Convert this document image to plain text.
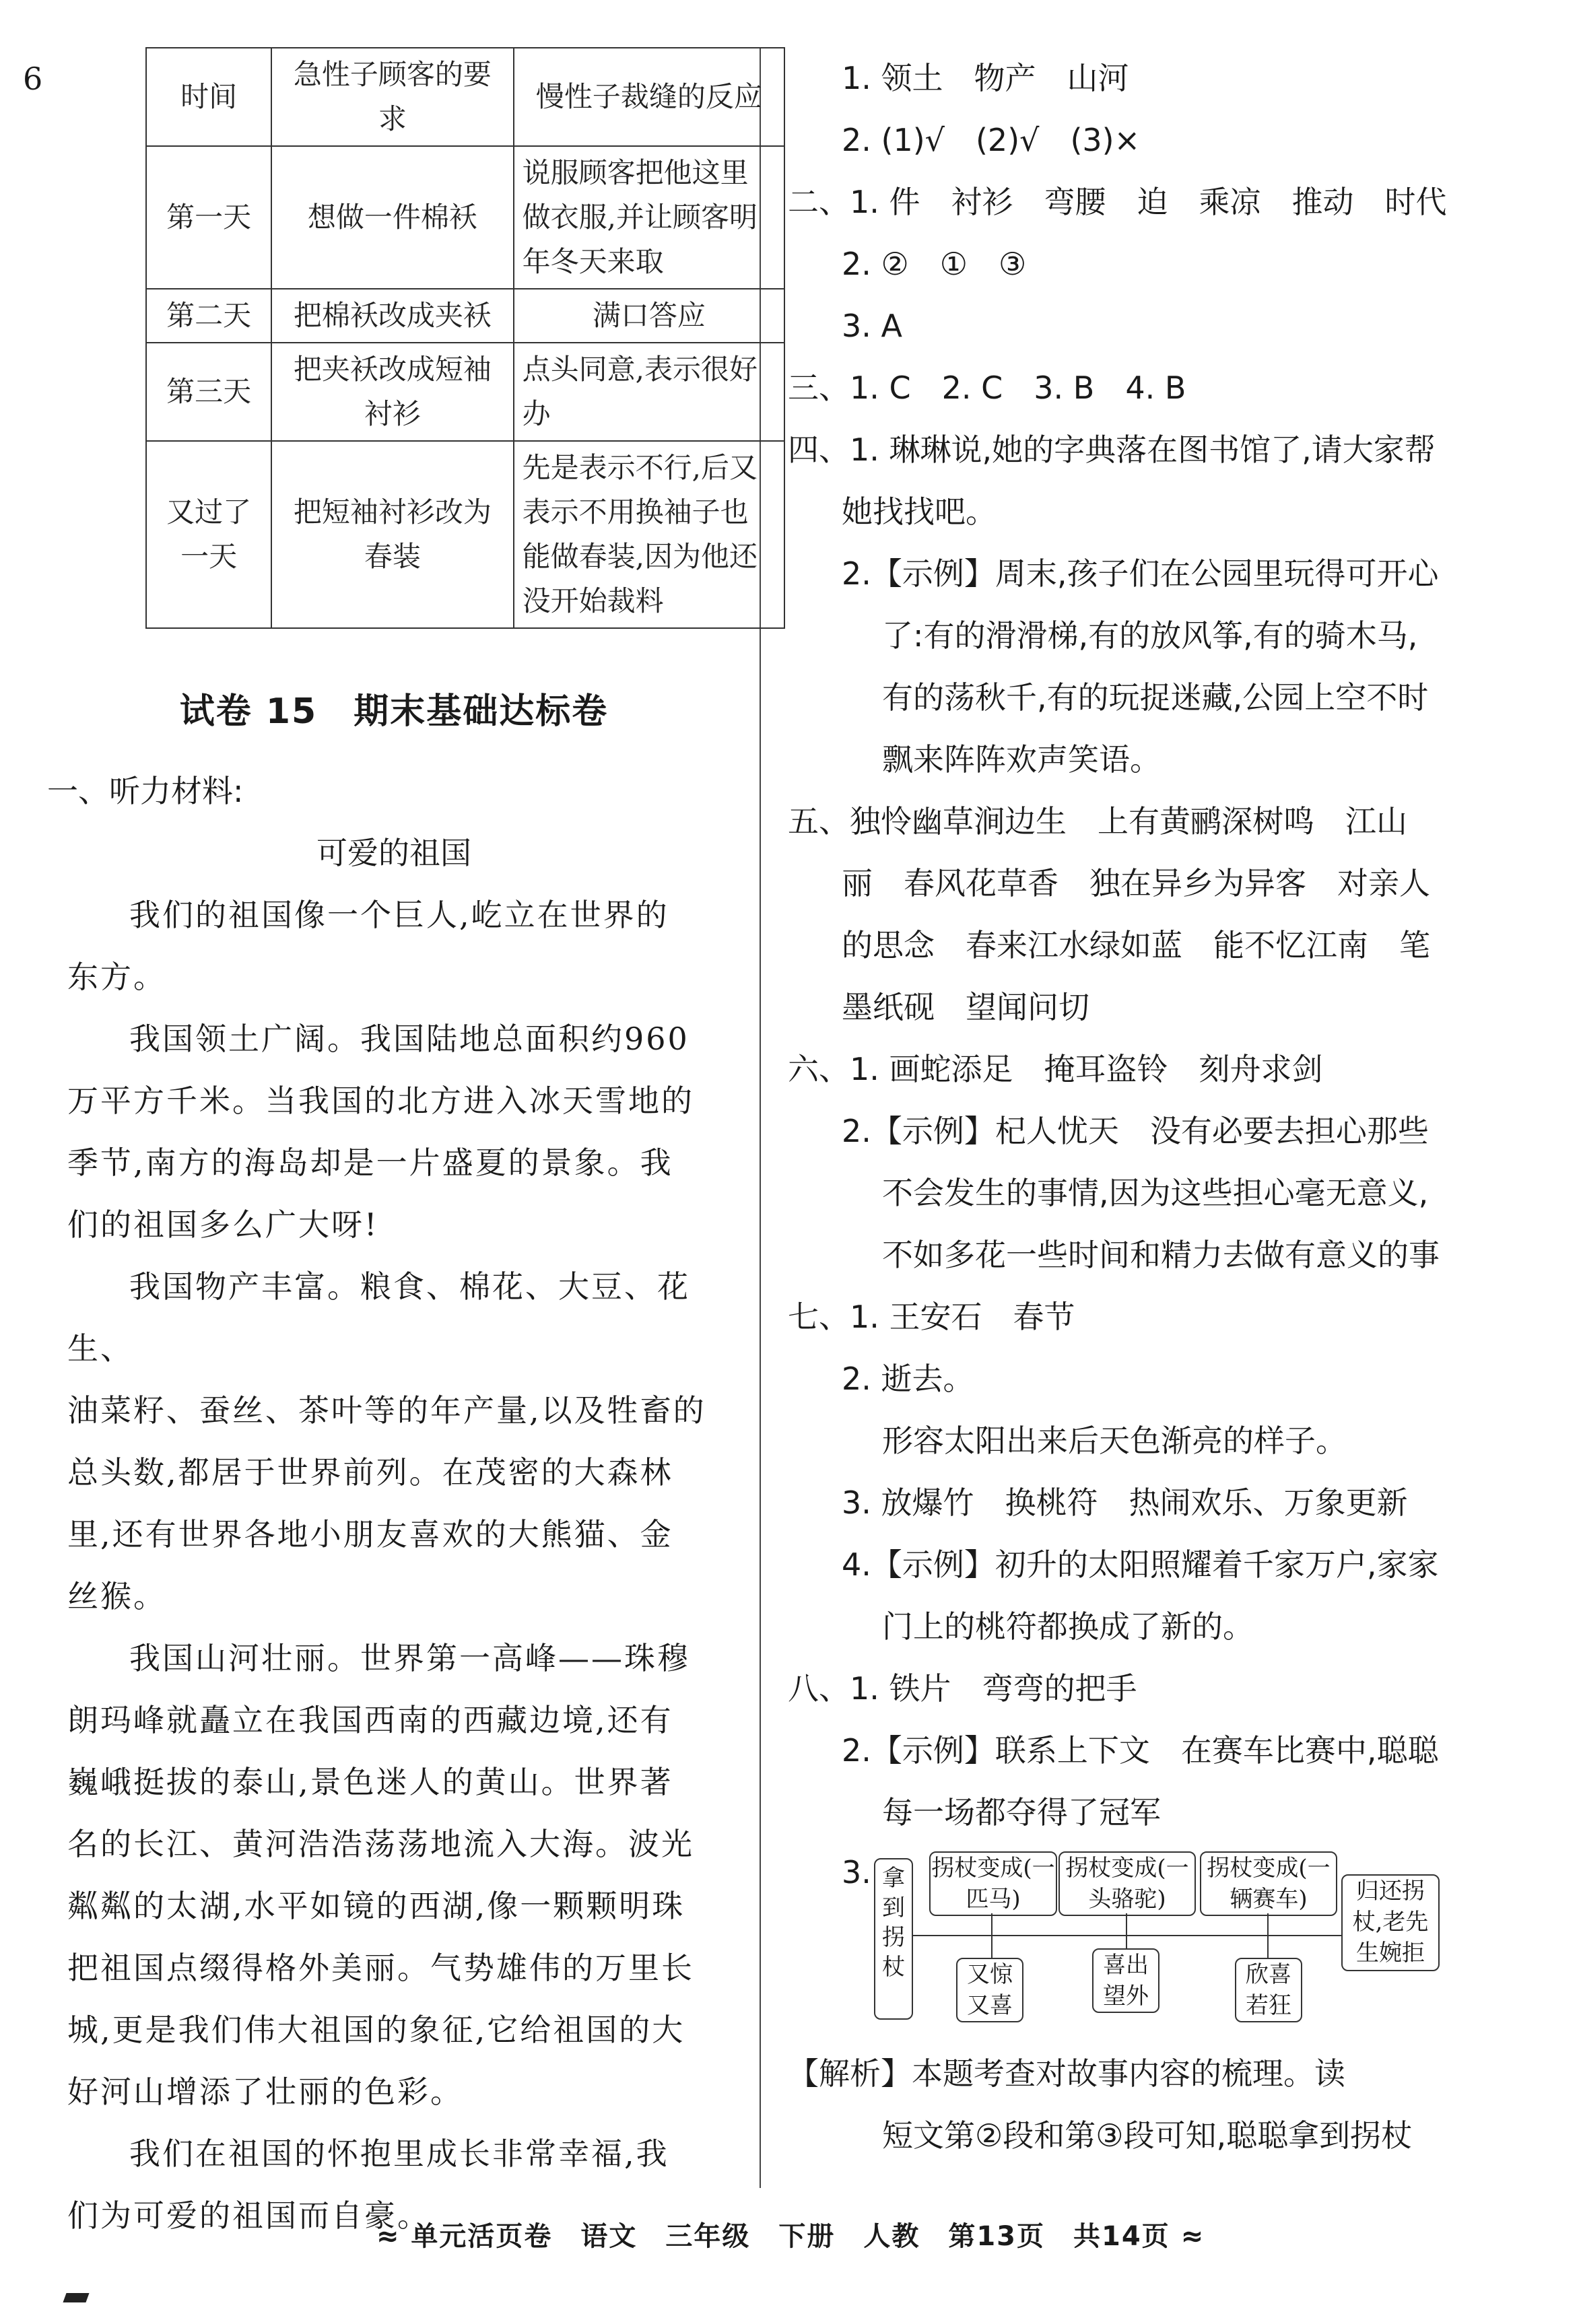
6	时间	急性子顾客的要求	慢性子裁缝的反应
第一天	想做一件棉袄	说服顾客把他这里做衣服,并让顾客明年冬天来取
第二天	把棉袄改成夹袄	满口答应
第三天	把夹袄改成短袖衬衫	点头同意,表示很好办
又过了一天	把短袖衬衫改为春装	先是表示不行,后又表示不用换袖子也能做春装,因为他还没开始裁料
试卷 15　期末基础达标卷
一、听力材料:
可爱的祖国

我们的祖国像一个巨人,屹立在世界的

东方。

我国领土广阔。我国陆地总面积约960

万平方千米。当我国的北方进入冰天雪地的

季节,南方的海岛却是一片盛夏的景象。我

们的祖国多么广大呀!

我国物产丰富。粮食、棉花、大豆、花生、

油菜籽、蚕丝、茶叶等的年产量,以及牲畜的

总头数,都居于世界前列。在茂密的大森林

里,还有世界各地小朋友喜欢的大熊猫、金

丝猴。

我国山河壮丽。世界第一高峰——珠穆

朗玛峰就矗立在我国西南的西藏边境,还有

巍峨挺拔的泰山,景色迷人的黄山。世界著

名的长江、黄河浩浩荡荡地流入大海。波光

粼粼的太湖,水平如镜的西湖,像一颗颗明珠

把祖国点缀得格外美丽。气势雄伟的万里长

城,更是我们伟大祖国的象征,它给祖国的大

好河山增添了壮丽的色彩。

我们在祖国的怀抱里成长非常幸福,我

们为可爱的祖国而自豪。

1. 领土　物产　山河
2. (1)√　(2)√　(3)×
二、1. 件　衬衫　弯腰　迫　乘凉　推动　时代
2. ②　①　③
3. A
三、1. C　2. C　3. B　4. B
四、1. 琳琳说,她的字典落在图书馆了,请大家帮
她找找吧。
2.【示例】周末,孩子们在公园里玩得可开心
了:有的滑滑梯,有的放风筝,有的骑木马,
有的荡秋千,有的玩捉迷藏,公园上空不时
飘来阵阵欢声笑语。
五、独怜幽草涧边生　上有黄鹂深树鸣　江山
丽　春风花草香　独在异乡为异客　对亲人
的思念　春来江水绿如蓝　能不忆江南　笔
墨纸砚　望闻问切
六、1. 画蛇添足　掩耳盗铃　刻舟求剑
2.【示例】杞人忧天　没有必要去担心那些
不会发生的事情,因为这些担心毫无意义,
不如多花一些时间和精力去做有意义的事
七、1. 王安石　春节
2. 逝去。
形容太阳出来后天色渐亮的样子。
3. 放爆竹　换桃符　热闹欢乐、万象更新
4.【示例】初升的太阳照耀着千家万户,家家
门上的桃符都换成了新的。
八、1. 铁片　弯弯的把手
2.【示例】联系上下文　在赛车比赛中,聪聪
每一场都夺得了冠军
3. 拿到拐杖
拐杖变成(一匹马)
拐杖变成(一头骆驼)
拐杖变成(一辆赛车)
又惊又喜
喜出望外
欣喜若狂
归还拐杖,老先生婉拒
【解析】本题考查对故事内容的梳理。读
短文第②段和第③段可知,聪聪拿到拐杖
≈ 单元活页卷　语文　三年级　下册　人教　第13页　共14页 ≈
